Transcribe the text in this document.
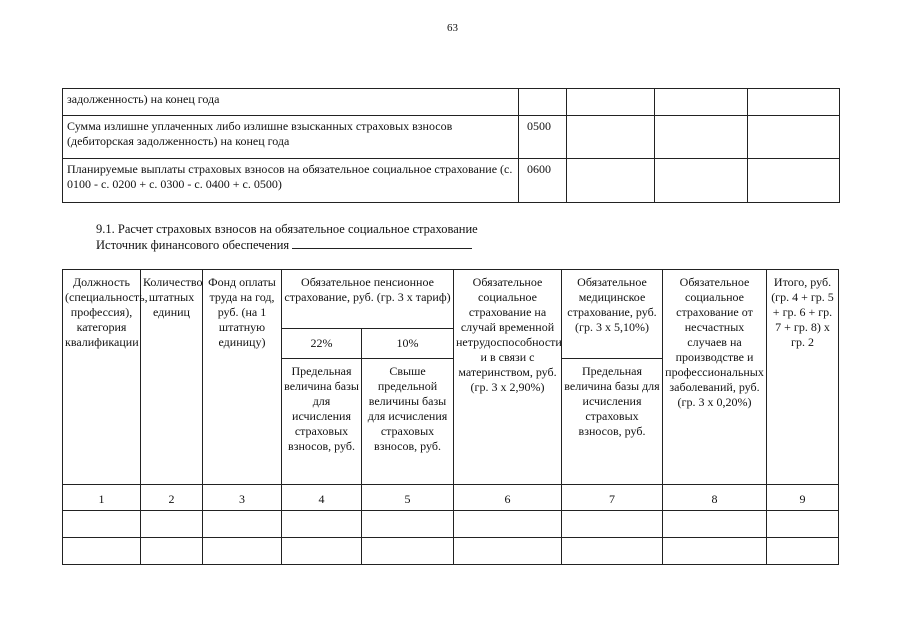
63
задолженность) на конец года				
Сумма излишне уплаченных либо излишне взысканных страховых взносов (дебиторская задолженность) на конец года	0500			
Планируемые выплаты страховых взносов на обязательное социальное страхование (с. 0100 - с. 0200 + с. 0300 - с. 0400 + с. 0500)	0600			
9.1. Расчет страховых взносов на обязательное социальное страхование
Источник финансового обеспечения
Должность (специальность, профессия), категория квалификации	Количество штатных единиц	Фонд оплаты труда на год, руб. (на 1 штатную единицу)	Обязательное пенсионное страхование, руб. (гр. 3 х тариф)		Обязательное социальное страхование на случай временной нетрудоспособности и в связи с материнством, руб. (гр. 3 х 2,90%)	Обязательное медицинское страхование, руб. (гр. 3 х 5,10%)	Обязательное социальное страхование от несчастных случаев на производстве и профессиональных заболеваний, руб. (гр. 3 х 0,20%)	Итого, руб. (гр. 4 + гр. 5 + гр. 6 + гр. 7 + гр. 8) х гр. 2
			22%	10%				
			Предельная величина базы для исчисления страховых взносов, руб.	Свыше предельной величины базы для исчисления страховых взносов, руб.		Предельная величина базы для исчисления страховых взносов, руб.		
1	2	3	4	5	6	7	8	9
